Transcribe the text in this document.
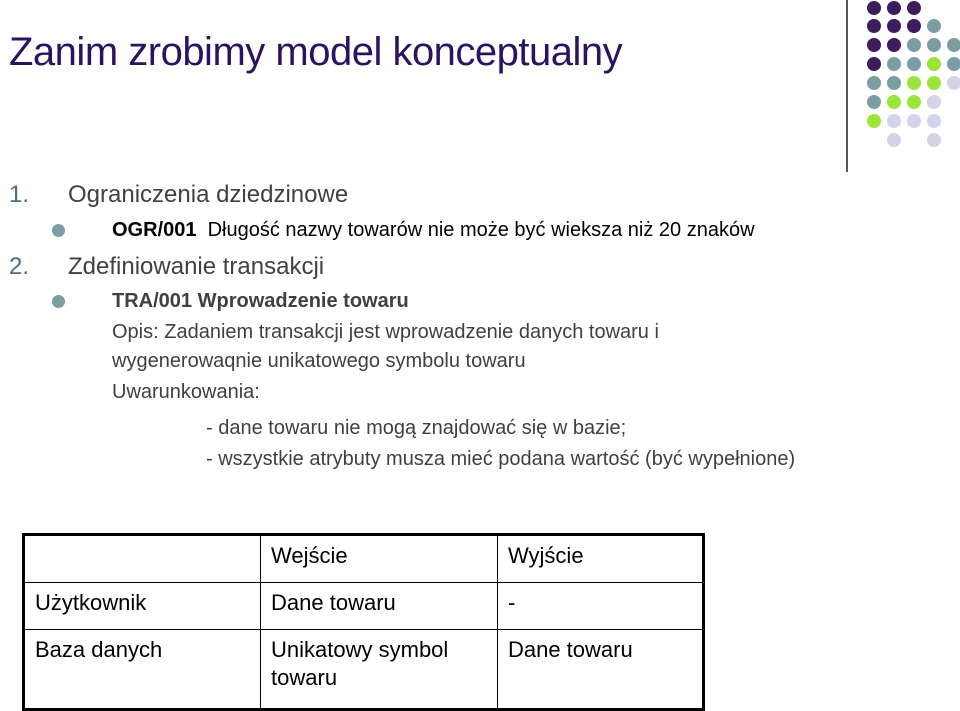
Zanim zrobimy model konceptualny
1. Ograniczenia dziedzinowe
OGR/001 Długość nazwy towarów nie może być wieksza niż 20 znaków
2. Zdefiniowanie transakcji
TRA/001 Wprowadzenie towaru
Opis: Zadaniem transakcji jest wprowadzenie danych towaru i
wygenerowaqnie unikatowego symbolu towaru
Uwarunkowania:
- dane towaru nie mogą znajdować się w bazie;
- wszystkie atrybuty musza mieć podana wartość (być wypełnione)
	Wejście	Wyjście
Użytkownik	Dane towaru	-
Baza danych	Unikatowy symbol towaru	Dane towaru
